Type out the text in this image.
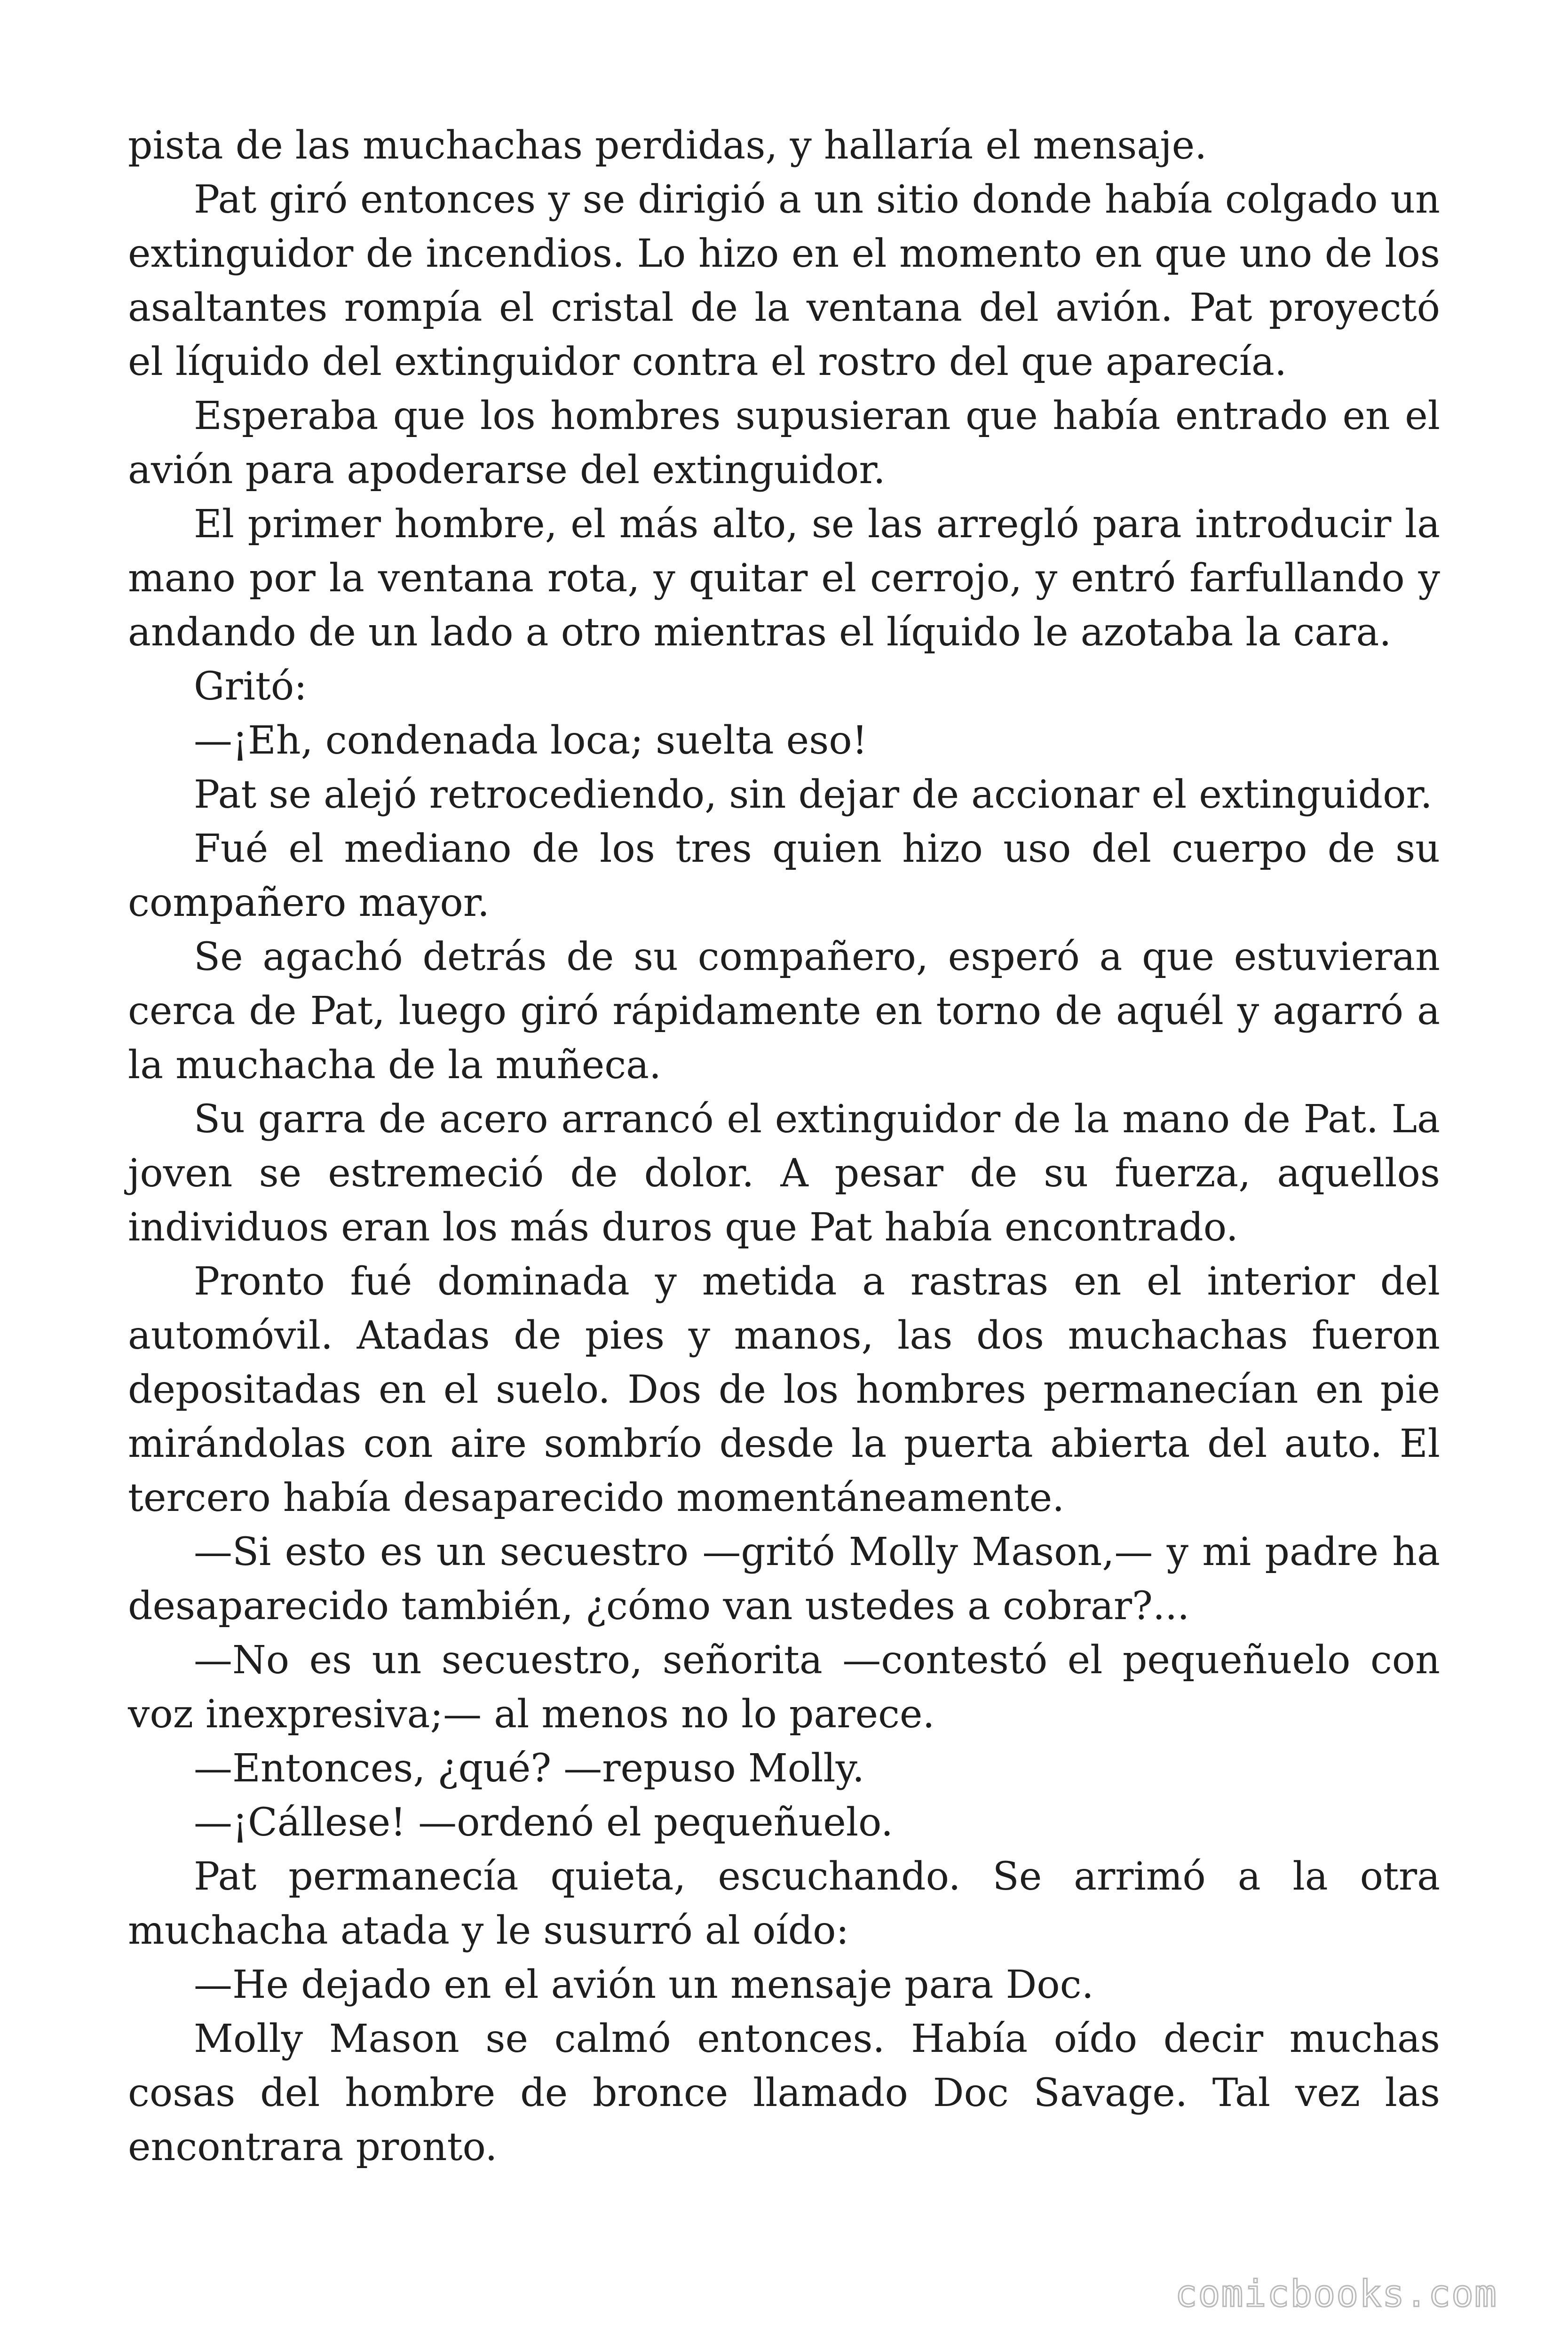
pista de las muchachas perdidas, y hallaría el mensaje.

Pat giró entonces y se dirigió a un sitio donde había colgado un extinguidor de incendios. Lo hizo en el momento en que uno de los asaltantes rompía el cristal de la ventana del avión. Pat proyectó el líquido del extinguidor contra el rostro del que aparecía.

Esperaba que los hombres supusieran que había entrado en el avión para apoderarse del extinguidor.

El primer hombre, el más alto, se las arregló para introducir la mano por la ventana rota, y quitar el cerrojo, y entró farfullando y andando de un lado a otro mientras el líquido le azotaba la cara.

Gritó:

—¡Eh, condenada loca; suelta eso!

Pat se alejó retrocediendo, sin dejar de accionar el extinguidor.

Fué el mediano de los tres quien hizo uso del cuerpo de su compañero mayor.

Se agachó detrás de su compañero, esperó a que estuvieran cerca de Pat, luego giró rápidamente en torno de aquél y agarró a la muchacha de la muñeca.

Su garra de acero arrancó el extinguidor de la mano de Pat. La joven se estremeció de dolor. A pesar de su fuerza, aquellos individuos eran los más duros que Pat había encontrado.

Pronto fué dominada y metida a rastras en el interior del automóvil. Atadas de pies y manos, las dos muchachas fueron depositadas en el suelo. Dos de los hombres permanecían en pie mirándolas con aire sombrío desde la puerta abierta del auto. El tercero había desaparecido momentáneamente.

—Si esto es un secuestro —gritó Molly Mason,— y mi padre ha desaparecido también, ¿cómo van ustedes a cobrar?...

—No es un secuestro, señorita —contestó el pequeñuelo con voz inexpresiva;— al menos no lo parece.

—Entonces, ¿qué? —repuso Molly.

—¡Cállese! —ordenó el pequeñuelo.

Pat permanecía quieta, escuchando. Se arrimó a la otra muchacha atada y le susurró al oído:

—He dejado en el avión un mensaje para Doc.

Molly Mason se calmó entonces. Había oído decir muchas cosas del hombre de bronce llamado Doc Savage. Tal vez las encontrara pronto.

comicbooks.com
